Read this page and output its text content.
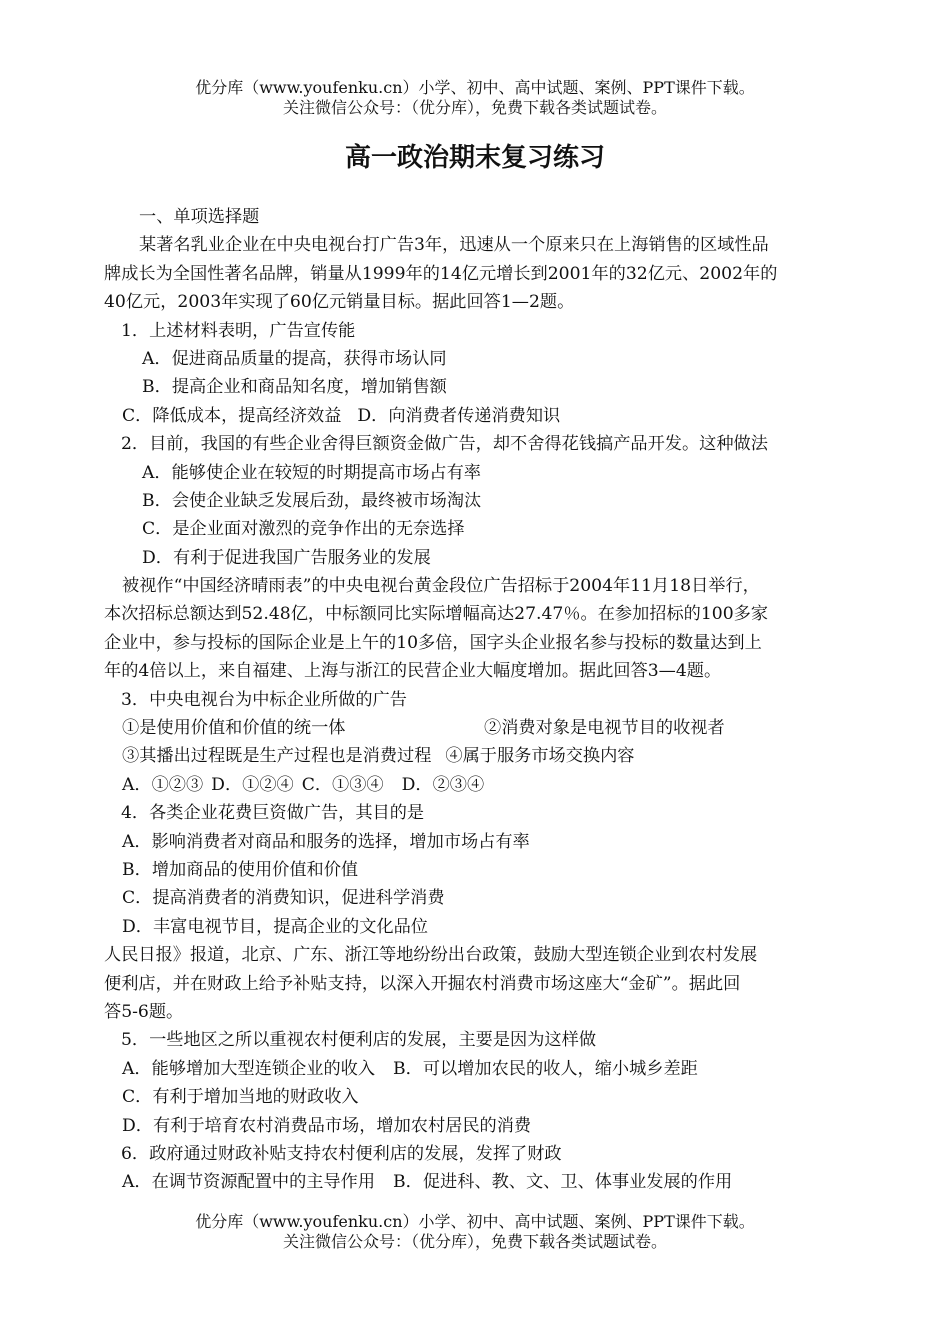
优分库（www.youfenku.cn）小学、初中、高中试题、案例、PPT课件下载。
关注微信公众号：（优分库），免费下载各类试题试卷。
高一政治期末复习练习
一、单项选择题
某著名乳业企业在中央电视台打广告3年，迅速从一个原来只在上海销售的区域性品
牌成长为全国性著名品牌，销量从1999年的14亿元增长到2001年的32亿元、2002年的
40亿元，2003年实现了60亿元销量目标。据此回答1—2题。
1．上述材料表明，广告宣传能
A．促进商品质量的提高，获得市场认同
B．提高企业和商品知名度，增加销售额
C．降低成本，提高经济效益 D．向消费者传递消费知识
2．目前，我国的有些企业舍得巨额资金做广告，却不舍得花钱搞产品开发。这种做法
A．能够使企业在较短的时期提高市场占有率
B．会使企业缺乏发展后劲，最终被市场淘汰
C．是企业面对激烈的竞争作出的无奈选择
D．有利于促进我国广告服务业的发展
被视作“中国经济晴雨表”的中央电视台黄金段位广告招标于2004年11月18日举行，
本次招标总额达到52.48亿，中标额同比实际增幅高达27.47％。在参加招标的100多家
企业中，参与投标的国际企业是上午的10多倍，国字头企业报名参与投标的数量达到上
年的4倍以上，来自福建、上海与浙江的民营企业大幅度增加。据此回答3—4题。
3．中央电视台为中标企业所做的广告
①是使用价值和价值的统一体	②消费对象是电视节目的收视者
③其播出过程既是生产过程也是消费过程 ④属于服务市场交换内容
A．①②③ D．①②④ C．①③④ D．②③④
4．各类企业花费巨资做广告，其目的是
A．影响消费者对商品和服务的选择，增加市场占有率
B．增加商品的使用价值和价值
C．提高消费者的消费知识，促进科学消费
D．丰富电视节目，提高企业的文化品位
人民日报》报道，北京、广东、浙江等地纷纷出台政策，鼓励大型连锁企业到农村发展
便利店，并在财政上给予补贴支持，以深入开掘农村消费市场这座大“金矿”。据此回
答5-6题。
5．一些地区之所以重视农村便利店的发展，主要是因为这样做
A．能够增加大型连锁企业的收入 B．可以增加农民的收人，缩小城乡差距
C．有利于增加当地的财政收入
D．有利于培育农村消费品市场，增加农村居民的消费
6．政府通过财政补贴支持农村便利店的发展，发挥了财政
A．在调节资源配置中的主导作用 B．促进科、教、文、卫、体事业发展的作用
优分库（www.youfenku.cn）小学、初中、高中试题、案例、PPT课件下载。
关注微信公众号：（优分库），免费下载各类试题试卷。
